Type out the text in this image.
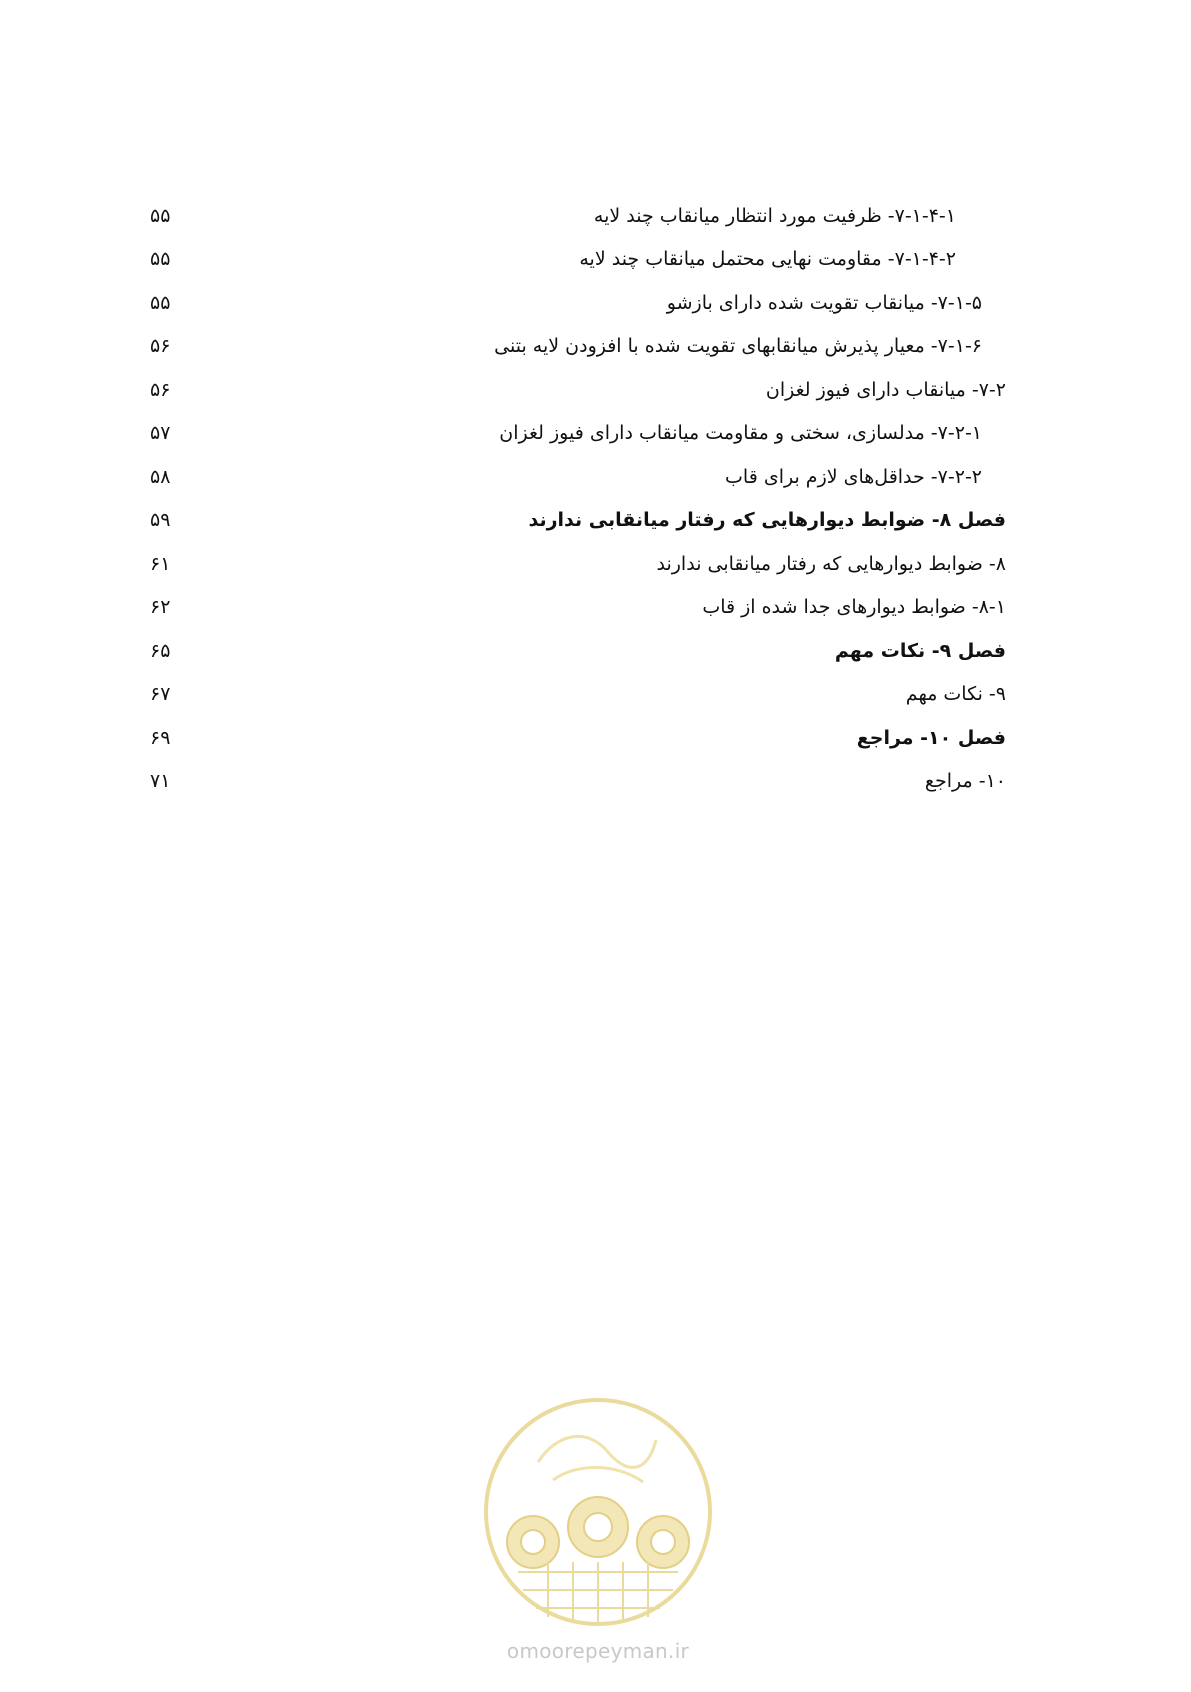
۷-۱-۴-۱- ظرفیت مورد انتظار میانقاب چند لایه
۵۵
۷-۱-۴-۲- مقاومت نهایی محتمل میانقاب چند لایه
۵۵
۷-۱-۵- میانقاب تقویت شده دارای بازشو
۵۵
۷-۱-۶- معیار پذیرش میانقابهای تقویت شده با افزودن لایه بتنی
۵۶
۷-۲- میانقاب دارای فیوز لغزان
۵۶
۷-۲-۱- مدلسازی، سختی و مقاومت میانقاب دارای فیوز لغزان
۵۷
۷-۲-۲- حداقل‌های لازم برای قاب
۵۸
فصل ۸- ضوابط دیوارهایی که رفتار میانقابی ندارند
۵۹
۸- ضوابط دیوارهایی که رفتار میانقابی ندارند
۶۱
۸-۱- ضوابط دیوارهای جدا شده از قاب
۶۲
فصل ۹- نکات مهم
۶۵
۹- نکات مهم
۶۷
فصل ۱۰- مراجع
۶۹
۱۰- مراجع
۷۱
omoorepeyman.ir
